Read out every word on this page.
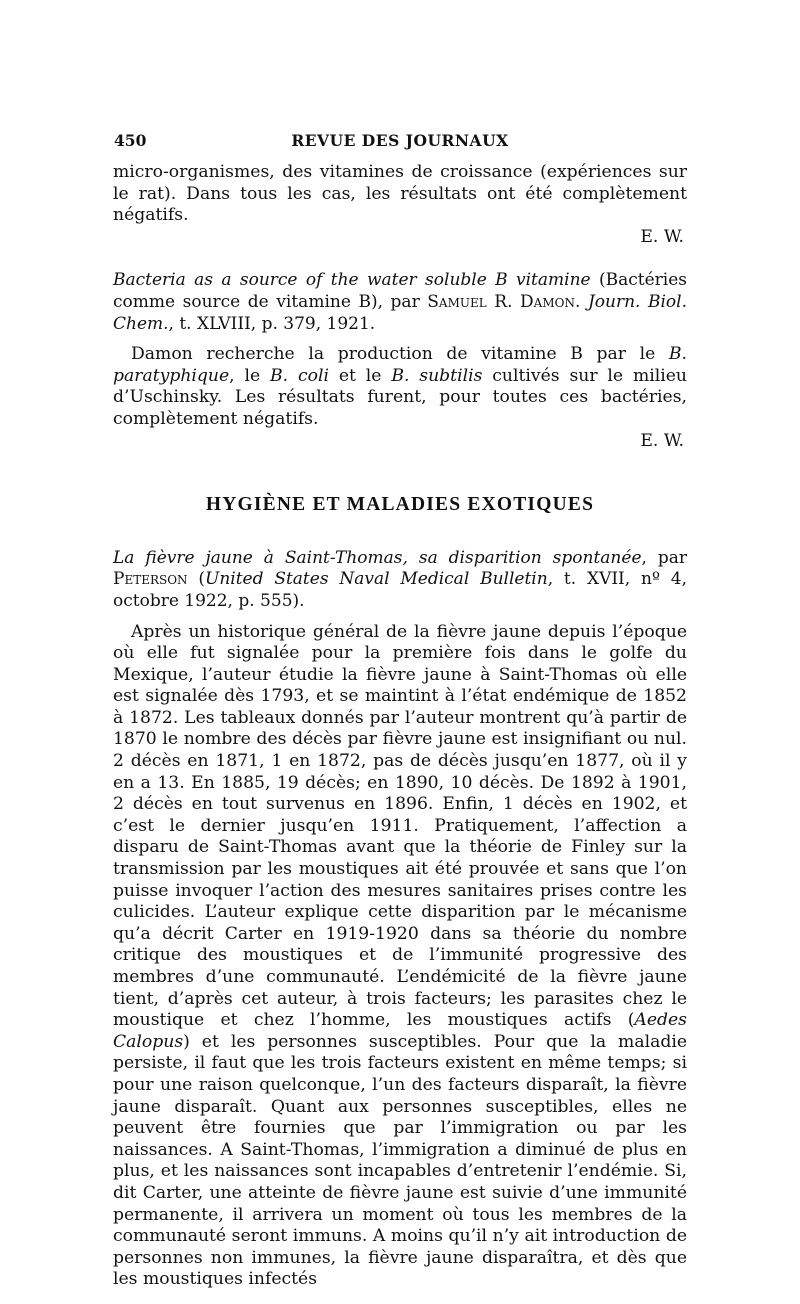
450	REVUE DES JOURNAUX

micro-organismes, des vitamines de croissance (expériences sur le rat). Dans tous les cas, les résultats ont été complètement négatifs.

E. W.

Bacteria as a source of the water soluble B vitamine (Bactéries comme source de vitamine B), par Samuel R. Damon. Journ. Biol. Chem., t. XLVIII, p. 379, 1921.

Damon recherche la production de vitamine B par le B. paratyphique, le B. coli et le B. subtilis cultivés sur le milieu d’Uschinsky. Les résultats furent, pour toutes ces bactéries, complètement négatifs.

E. W.

HYGIÈNE ET MALADIES EXOTIQUES

La fièvre jaune à Saint-Thomas, sa disparition spontanée, par Peterson (United States Naval Medical Bulletin, t. XVII, nº 4, octobre 1922, p. 555).

Après un historique général de la fièvre jaune depuis l’époque où elle fut signalée pour la première fois dans le golfe du Mexique, l’auteur étudie la fièvre jaune à Saint-Thomas où elle est signalée dès 1793, et se maintint à l’état endémique de 1852 à 1872. Les tableaux donnés par l’auteur montrent qu’à partir de 1870 le nombre des décès par fièvre jaune est insignifiant ou nul. 2 décès en 1871, 1 en 1872, pas de décès jusqu’en 1877, où il y en a 13. En 1885, 19 décès; en 1890, 10 décès. De 1892 à 1901, 2 décès en tout survenus en 1896. Enfin, 1 décès en 1902, et c’est le dernier jusqu’en 1911. Pratiquement, l’affection a disparu de Saint-Thomas avant que la théorie de Finley sur la transmission par les moustiques ait été prouvée et sans que l’on puisse invoquer l’action des mesures sanitaires prises contre les culicides. L’auteur explique cette disparition par le mécanisme qu’a décrit Carter en 1919-1920 dans sa théorie du nombre critique des moustiques et de l’immunité progressive des membres d’une communauté. L’endémicité de la fièvre jaune tient, d’après cet auteur, à trois facteurs; les parasites chez le moustique et chez l’homme, les moustiques actifs (Aedes Calopus) et les personnes susceptibles. Pour que la maladie persiste, il faut que les trois facteurs existent en même temps; si pour une raison quelconque, l’un des facteurs disparaît, la fièvre jaune disparaît. Quant aux personnes susceptibles, elles ne peuvent être fournies que par l’immigration ou par les naissances. A Saint-Thomas, l’immigration a diminué de plus en plus, et les naissances sont incapables d’entretenir l’endémie. Si, dit Carter, une atteinte de fièvre jaune est suivie d’une immunité permanente, il arrivera un moment où tous les membres de la communauté seront immuns. A moins qu’il n’y ait introduction de personnes non immunes, la fièvre jaune disparaîtra, et dès que les moustiques infectés
